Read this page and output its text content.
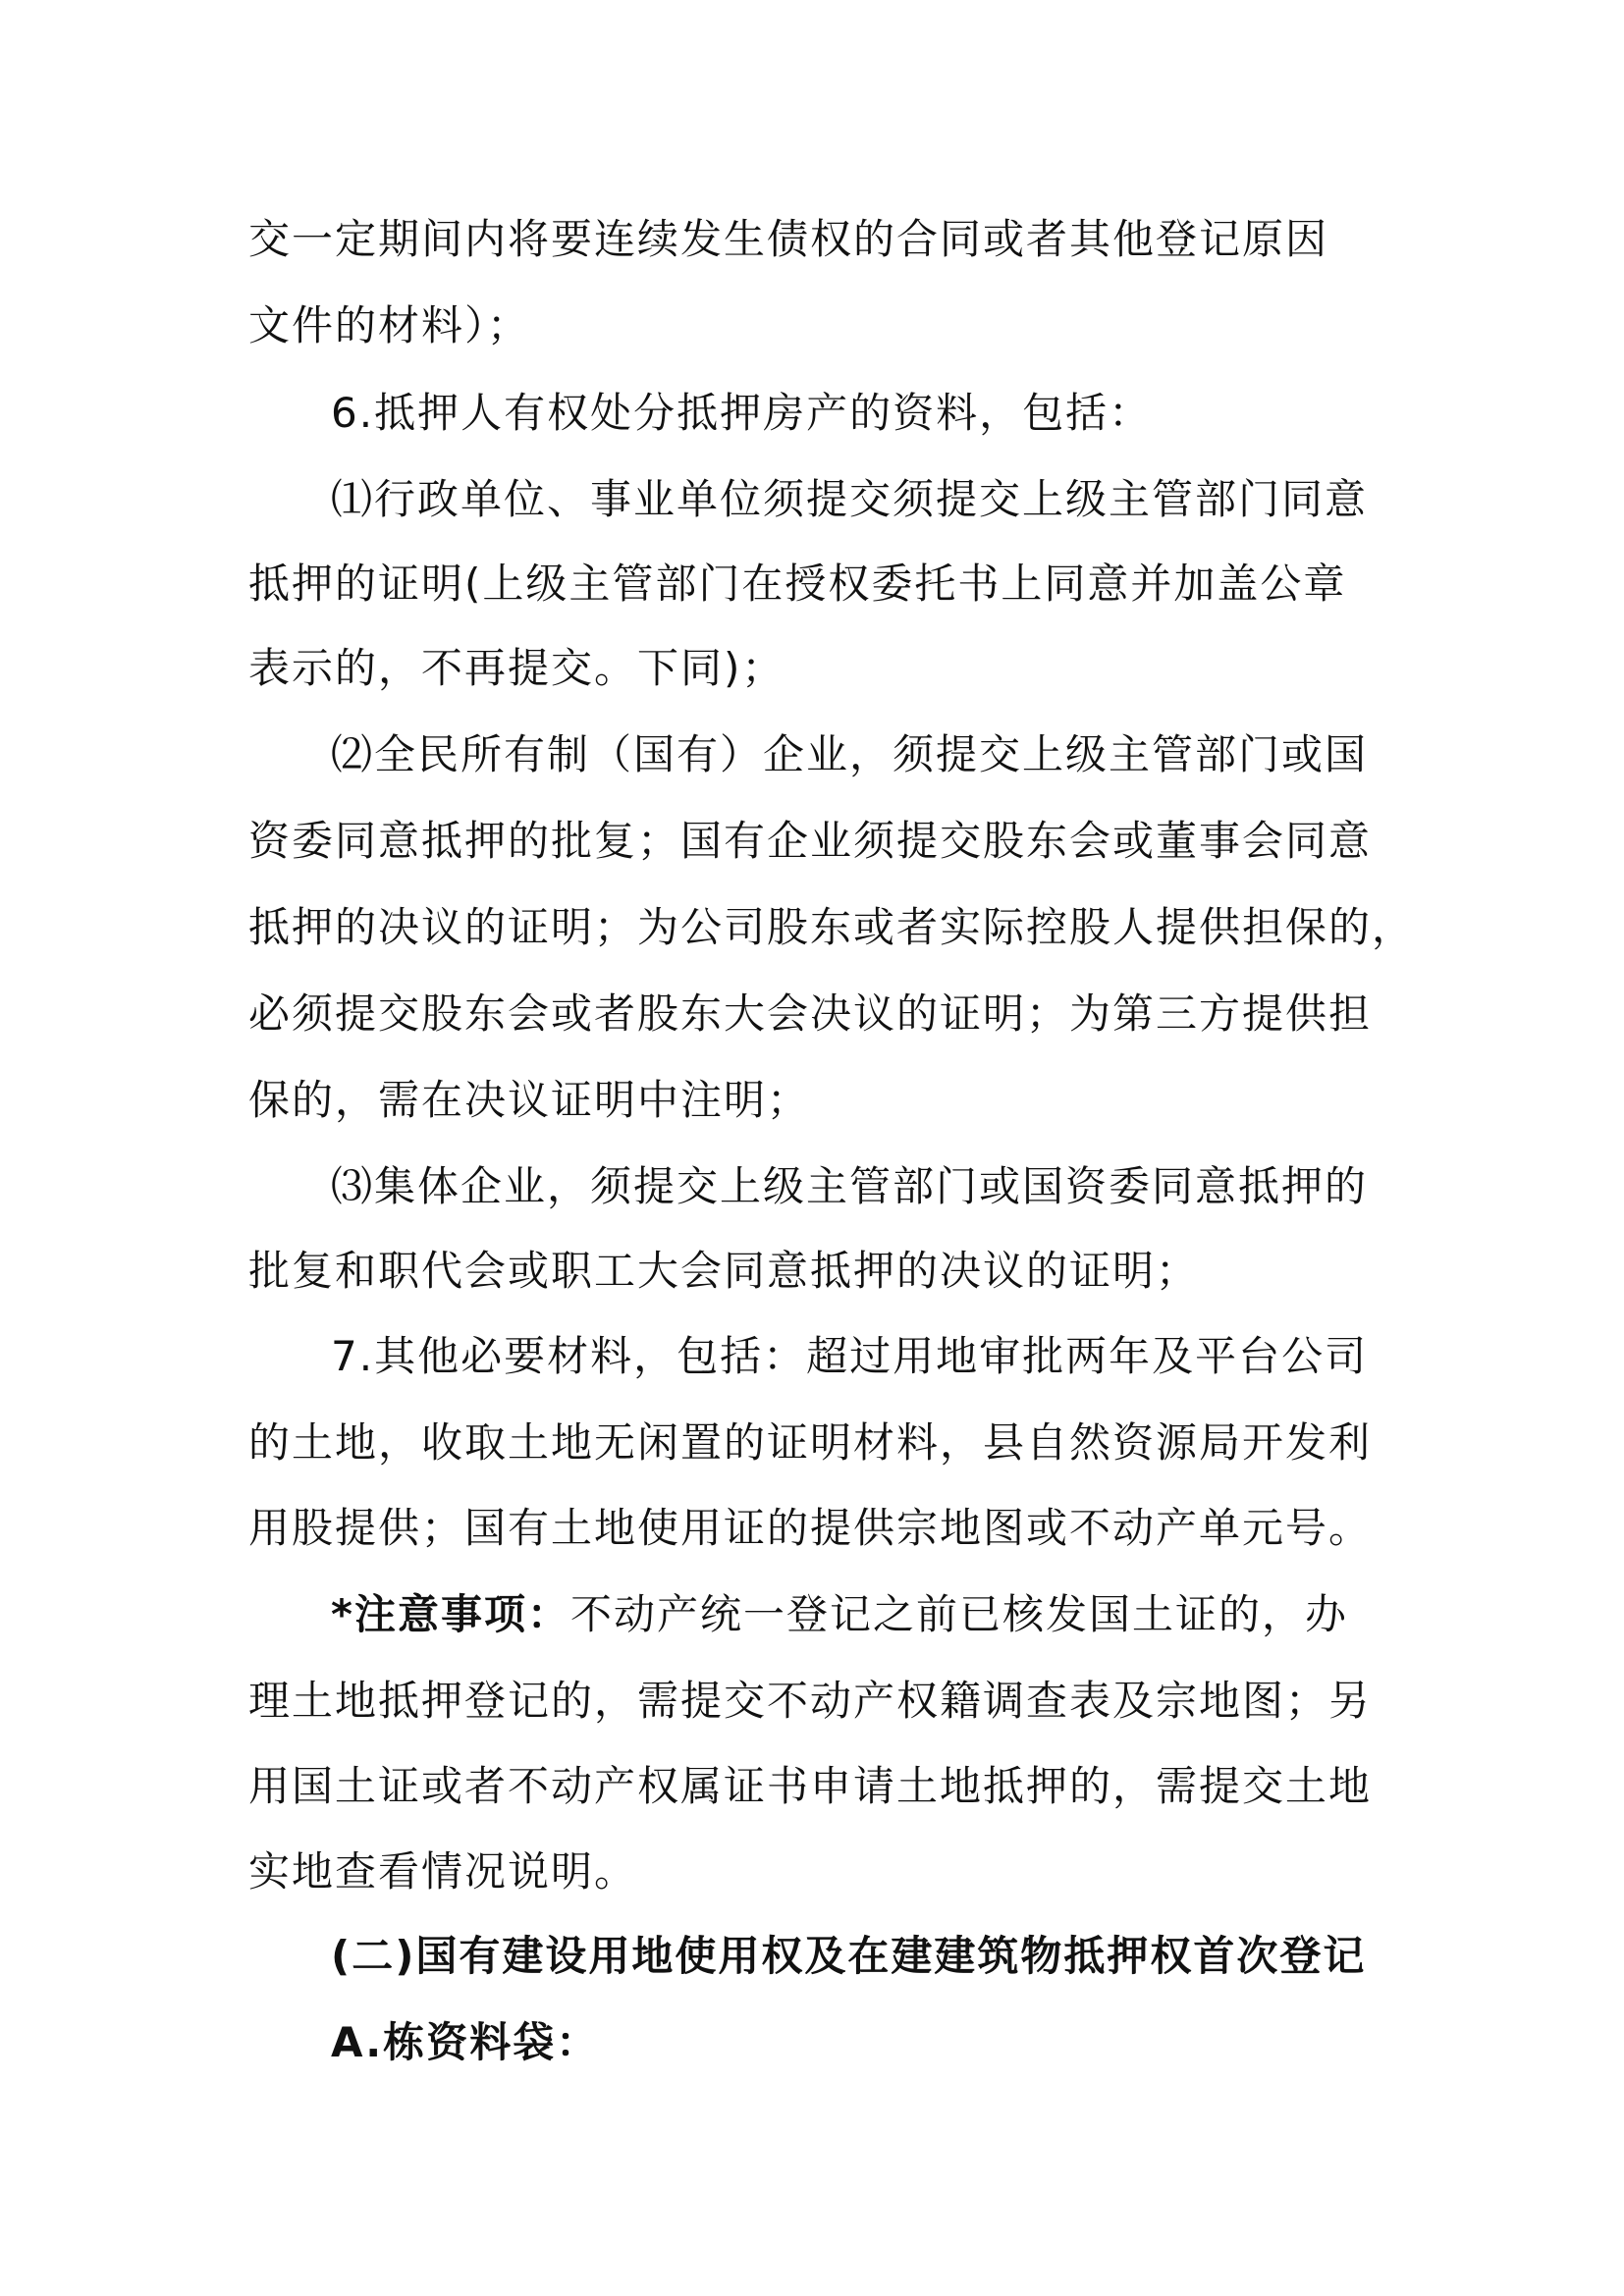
交一定期间内将要连续发生债权的合同或者其他登记原因
文件的材料）；
6.抵押人有权处分抵押房产的资料，包括：
⑴行政单位、事业单位须提交须提交上级主管部门同意
抵押的证明(上级主管部门在授权委托书上同意并加盖公章
表示的，不再提交。下同)；
⑵全民所有制（国有）企业，须提交上级主管部门或国
资委同意抵押的批复；国有企业须提交股东会或董事会同意
抵押的决议的证明；为公司股东或者实际控股人提供担保的，
必须提交股东会或者股东大会决议的证明；为第三方提供担
保的，需在决议证明中注明；
⑶集体企业，须提交上级主管部门或国资委同意抵押的
批复和职代会或职工大会同意抵押的决议的证明；
7.其他必要材料，包括：超过用地审批两年及平台公司
的土地，收取土地无闲置的证明材料，县自然资源局开发利
用股提供；国有土地使用证的提供宗地图或不动产单元号。
*注意事项：不动产统一登记之前已核发国土证的，办
理土地抵押登记的，需提交不动产权籍调查表及宗地图；另
用国土证或者不动产权属证书申请土地抵押的，需提交土地
实地查看情况说明。
(二)国有建设用地使用权及在建建筑物抵押权首次登记
A.栋资料袋：
